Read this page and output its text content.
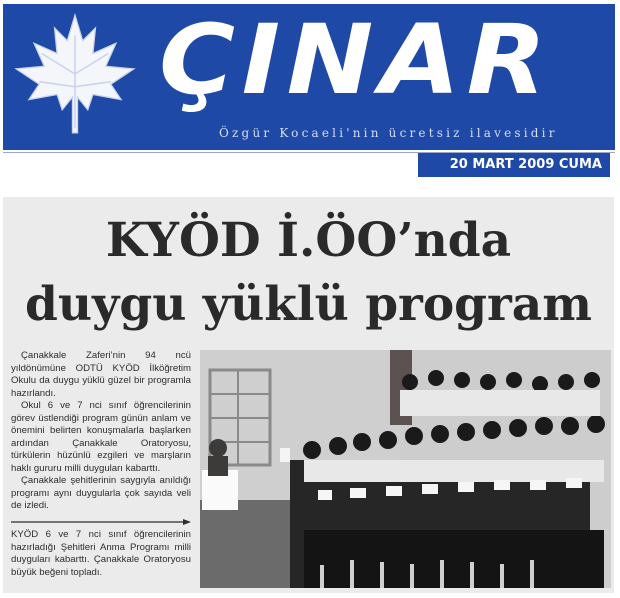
ÇINAR
Özgür Kocaeli'nin ücretsiz ilavesidir
20 MART 2009 CUMA
KYÖD İ.ÖO’nda
duygu yüklü program

Çanakkale Zaferi’nin 94 ncü yıldönümüne ODTÜ KYÖD İlköğretim Okulu da duygu yüklü güzel bir programla hazırlandı.

Okul 6 ve 7 nci sınıf öğrencilerinin görev üstlendiği program günün anlam ve önemini belirten konuşmalarla başlarken ardından Çanakkale Oratoryosu, türkülerin hüzünlü ezgileri ve marşların haklı gururu milli duyguları kabarttı.

Çanakkale şehitlerinin saygıyla anıldığı programı aynı duygularla çok sayıda veli de izledi.

KYÖD 6 ve 7 nci sınıf öğrencilerinin hazırladığı Şehitleri Anma Programı milli duyguları kabarttı. Çanakkale Oratoryosu büyük beğeni topladı.
